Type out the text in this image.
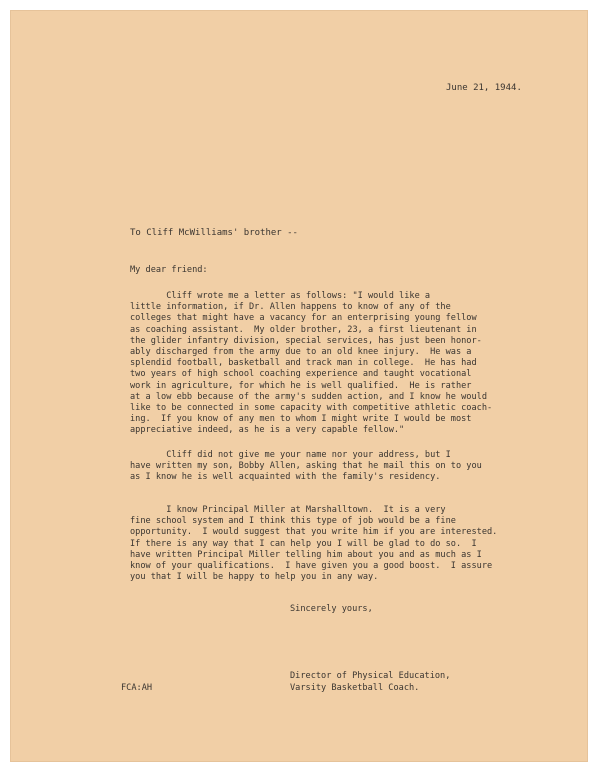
June 21, 1944.
To Cliff McWilliams' brother --
My dear friend:
Cliff wrote me a letter as follows: "I would like a
little information, if Dr. Allen happens to know of any of the
colleges that might have a vacancy for an enterprising young fellow
as coaching assistant.  My older brother, 23, a first lieutenant in
the glider infantry division, special services, has just been honor-
ably discharged from the army due to an old knee injury.  He was a
splendid football, basketball and track man in college.  He has had
two years of high school coaching experience and taught vocational
work in agriculture, for which he is well qualified.  He is rather
at a low ebb because of the army's sudden action, and I know he would
like to be connected in some capacity with competitive athletic coach-
ing.  If you know of any men to whom I might write I would be most
appreciative indeed, as he is a very capable fellow."
Cliff did not give me your name nor your address, but I
have written my son, Bobby Allen, asking that he mail this on to you
as I know he is well acquainted with the family's residency.
I know Principal Miller at Marshalltown.  It is a very
fine school system and I think this type of job would be a fine
opportunity.  I would suggest that you write him if you are interested.
If there is any way that I can help you I will be glad to do so.  I
have written Principal Miller telling him about you and as much as I
know of your qualifications.  I have given you a good boost.  I assure
you that I will be happy to help you in any way.
Sincerely yours,
Director of Physical Education,
Varsity Basketball Coach.
FCA:AH
